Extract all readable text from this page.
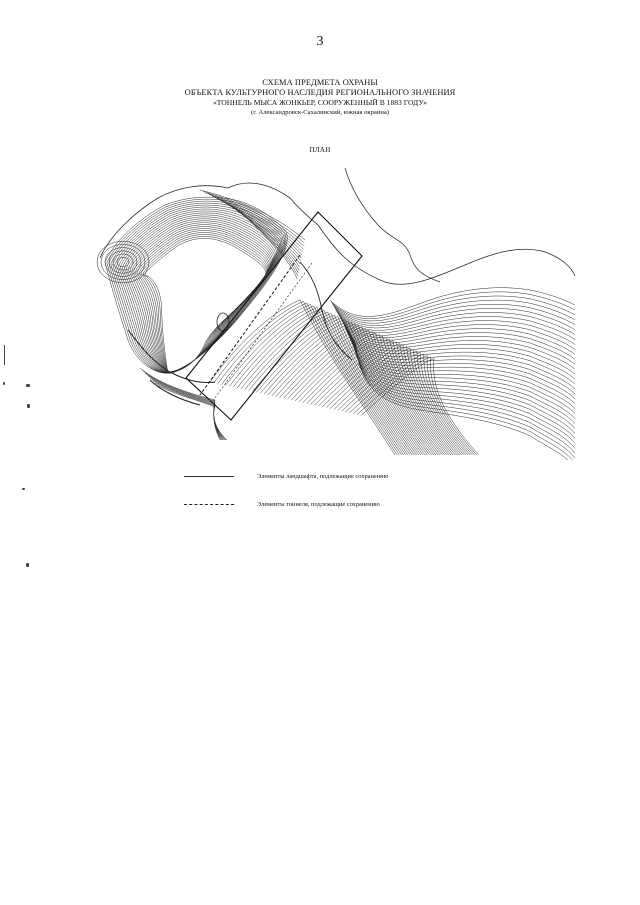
3
СХЕМА ПРЕДМЕТА ОХРАНЫ
ОБЪЕКТА КУЛЬТУРНОГО НАСЛЕДИЯ РЕГИОНАЛЬНОГО ЗНАЧЕНИЯ
«ТОННЕЛЬ МЫСА ЖОНКЬЕР, СООРУЖЕННЫЙ В 1883 ГОДУ»
(г. Александровск-Сахалинский, южная окраина)
ПЛАН
Элементы ландшафта, подлежащие сохранению
Элементы тоннеля, подлежащие сохранению
